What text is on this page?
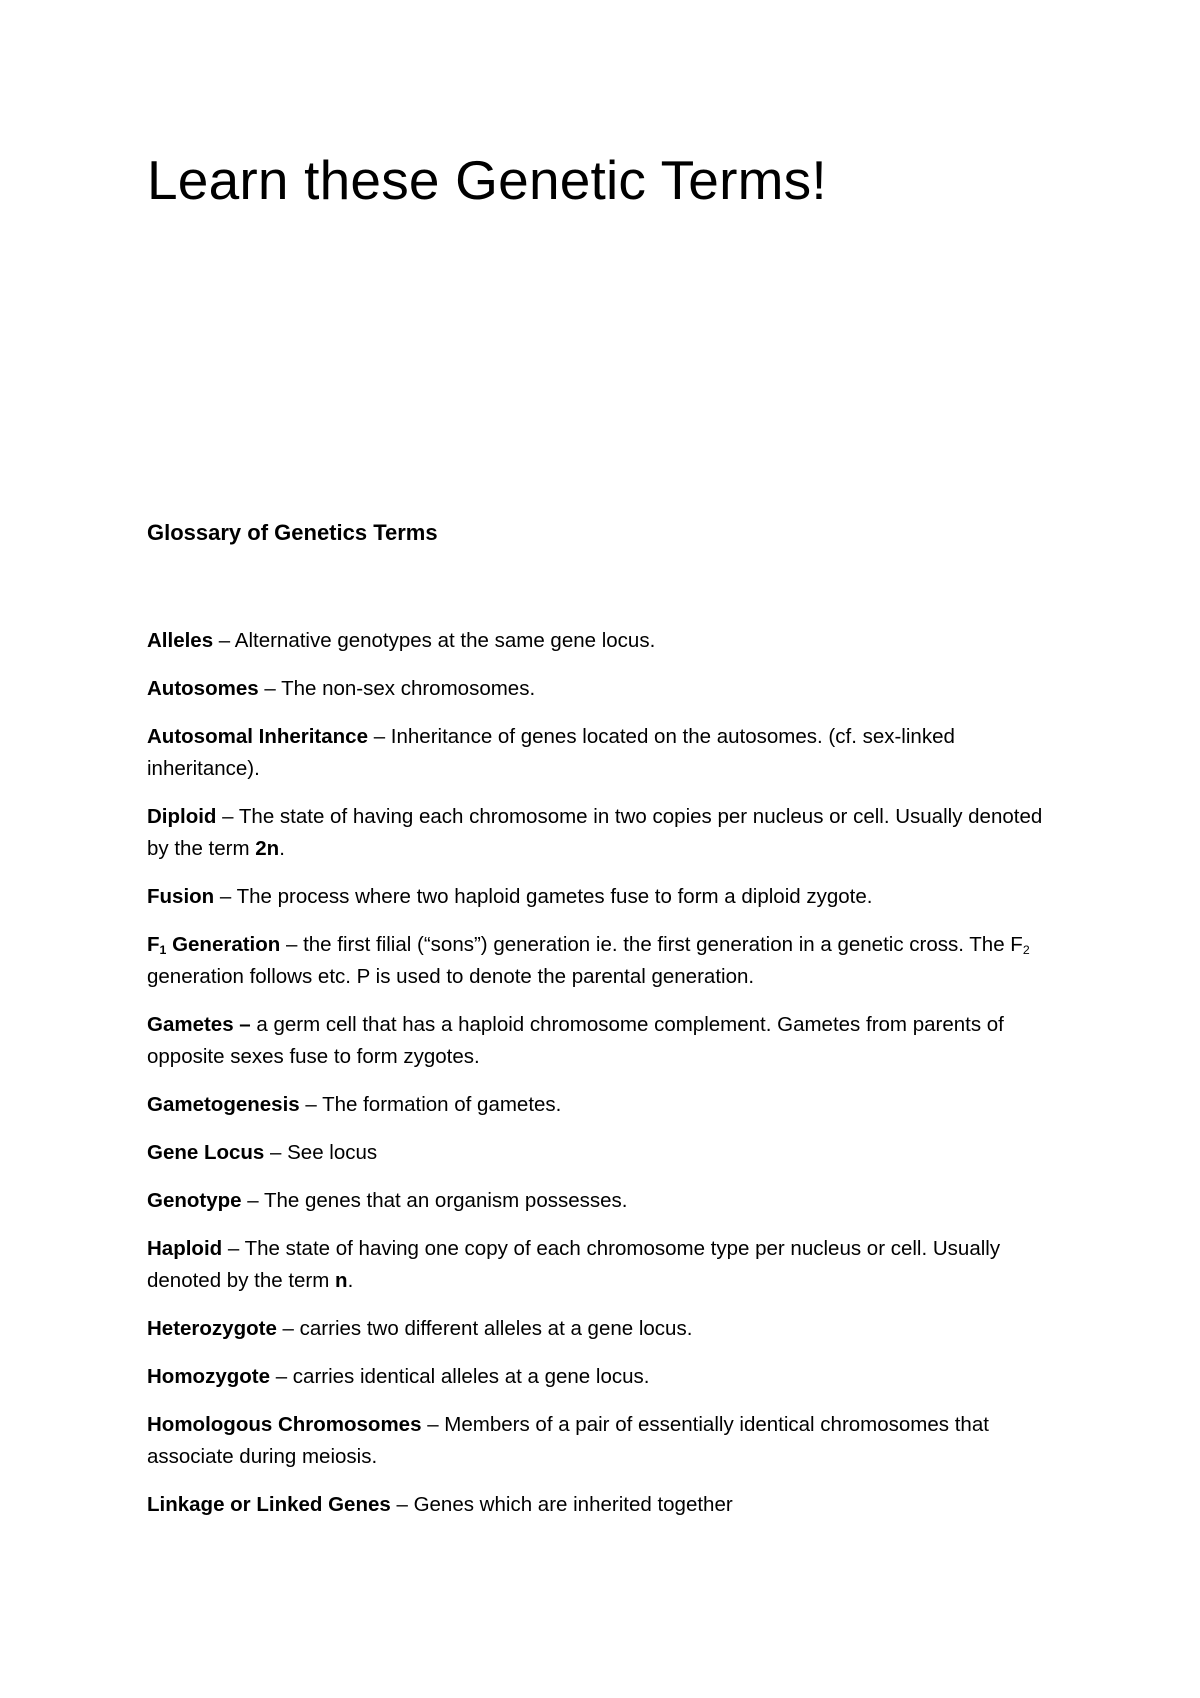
Learn these Genetic Terms!
Glossary of Genetics Terms
Alleles – Alternative genotypes at the same gene locus.
Autosomes – The non-sex chromosomes.
Autosomal Inheritance – Inheritance of genes located on the autosomes. (cf. sex-linked inheritance).
Diploid – The state of having each chromosome in two copies per nucleus or cell. Usually denoted by the term 2n.
Fusion – The process where two haploid gametes fuse to form a diploid zygote.
$F_1$ Generation – the first filial (“sons”) generation ie. the first generation in a genetic cross. The $F_2$ generation follows etc. P is used to denote the parental generation.
Gametes – a germ cell that has a haploid chromosome complement. Gametes from parents of opposite sexes fuse to form zygotes.
Gametogenesis – The formation of gametes.
Gene Locus – See locus
Genotype – The genes that an organism possesses.
Haploid – The state of having one copy of each chromosome type per nucleus or cell. Usually denoted by the term n.
Heterozygote – carries two different alleles at a gene locus.
Homozygote – carries identical alleles at a gene locus.
Homologous Chromosomes – Members of a pair of essentially identical chromosomes that associate during meiosis.
Linkage or Linked Genes – Genes which are inherited together
